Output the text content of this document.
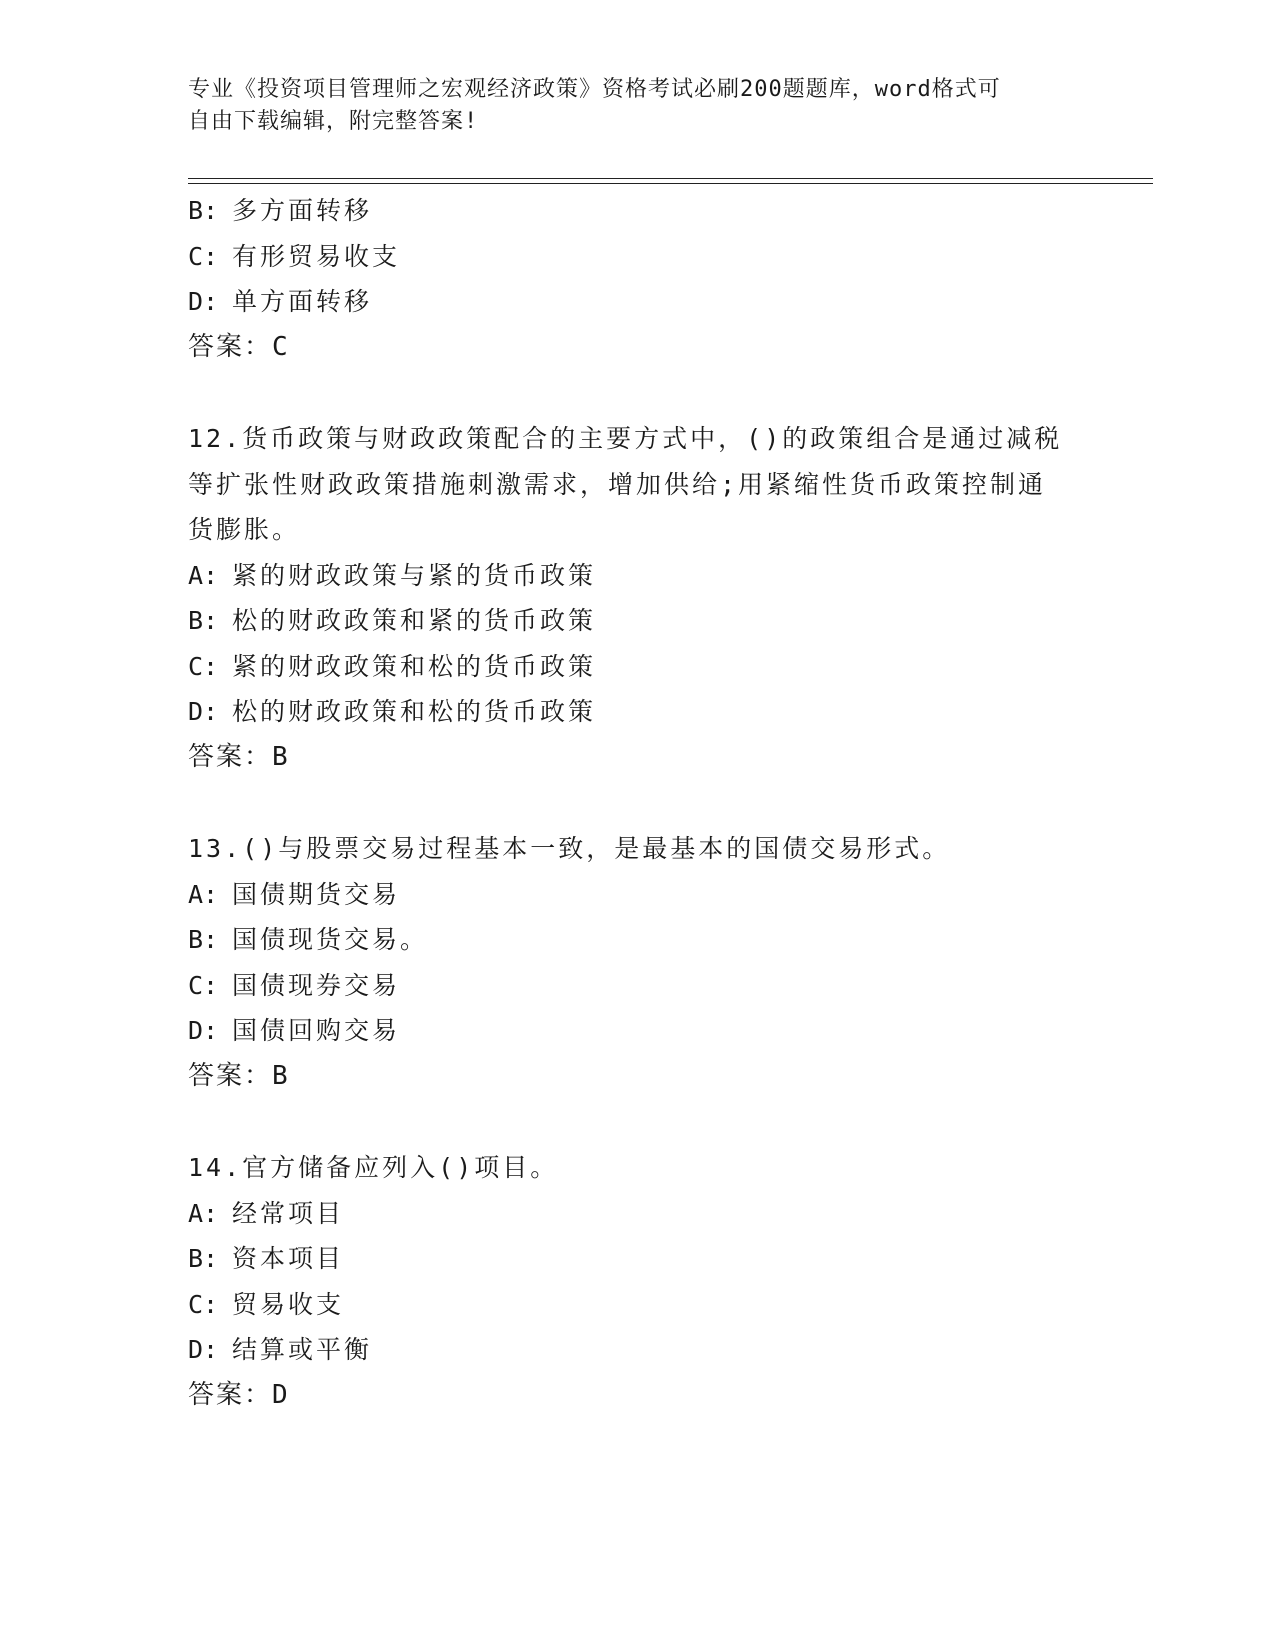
专业《投资项目管理师之宏观经济政策》资格考试必刷200题题库，word格式可
自由下载编辑，附完整答案!
B: 多方面转移
C: 有形贸易收支
D: 单方面转移
答案：C
12.货币政策与财政政策配合的主要方式中，()的政策组合是通过减税
等扩张性财政政策措施刺激需求，增加供给;用紧缩性货币政策控制通
货膨胀。
A: 紧的财政政策与紧的货币政策
B: 松的财政政策和紧的货币政策
C: 紧的财政政策和松的货币政策
D: 松的财政政策和松的货币政策
答案：B
13.()与股票交易过程基本一致，是最基本的国债交易形式。
A: 国债期货交易
B: 国债现货交易。
C: 国债现券交易
D: 国债回购交易
答案：B
14.官方储备应列入()项目。
A: 经常项目
B: 资本项目
C: 贸易收支
D: 结算或平衡
答案：D
